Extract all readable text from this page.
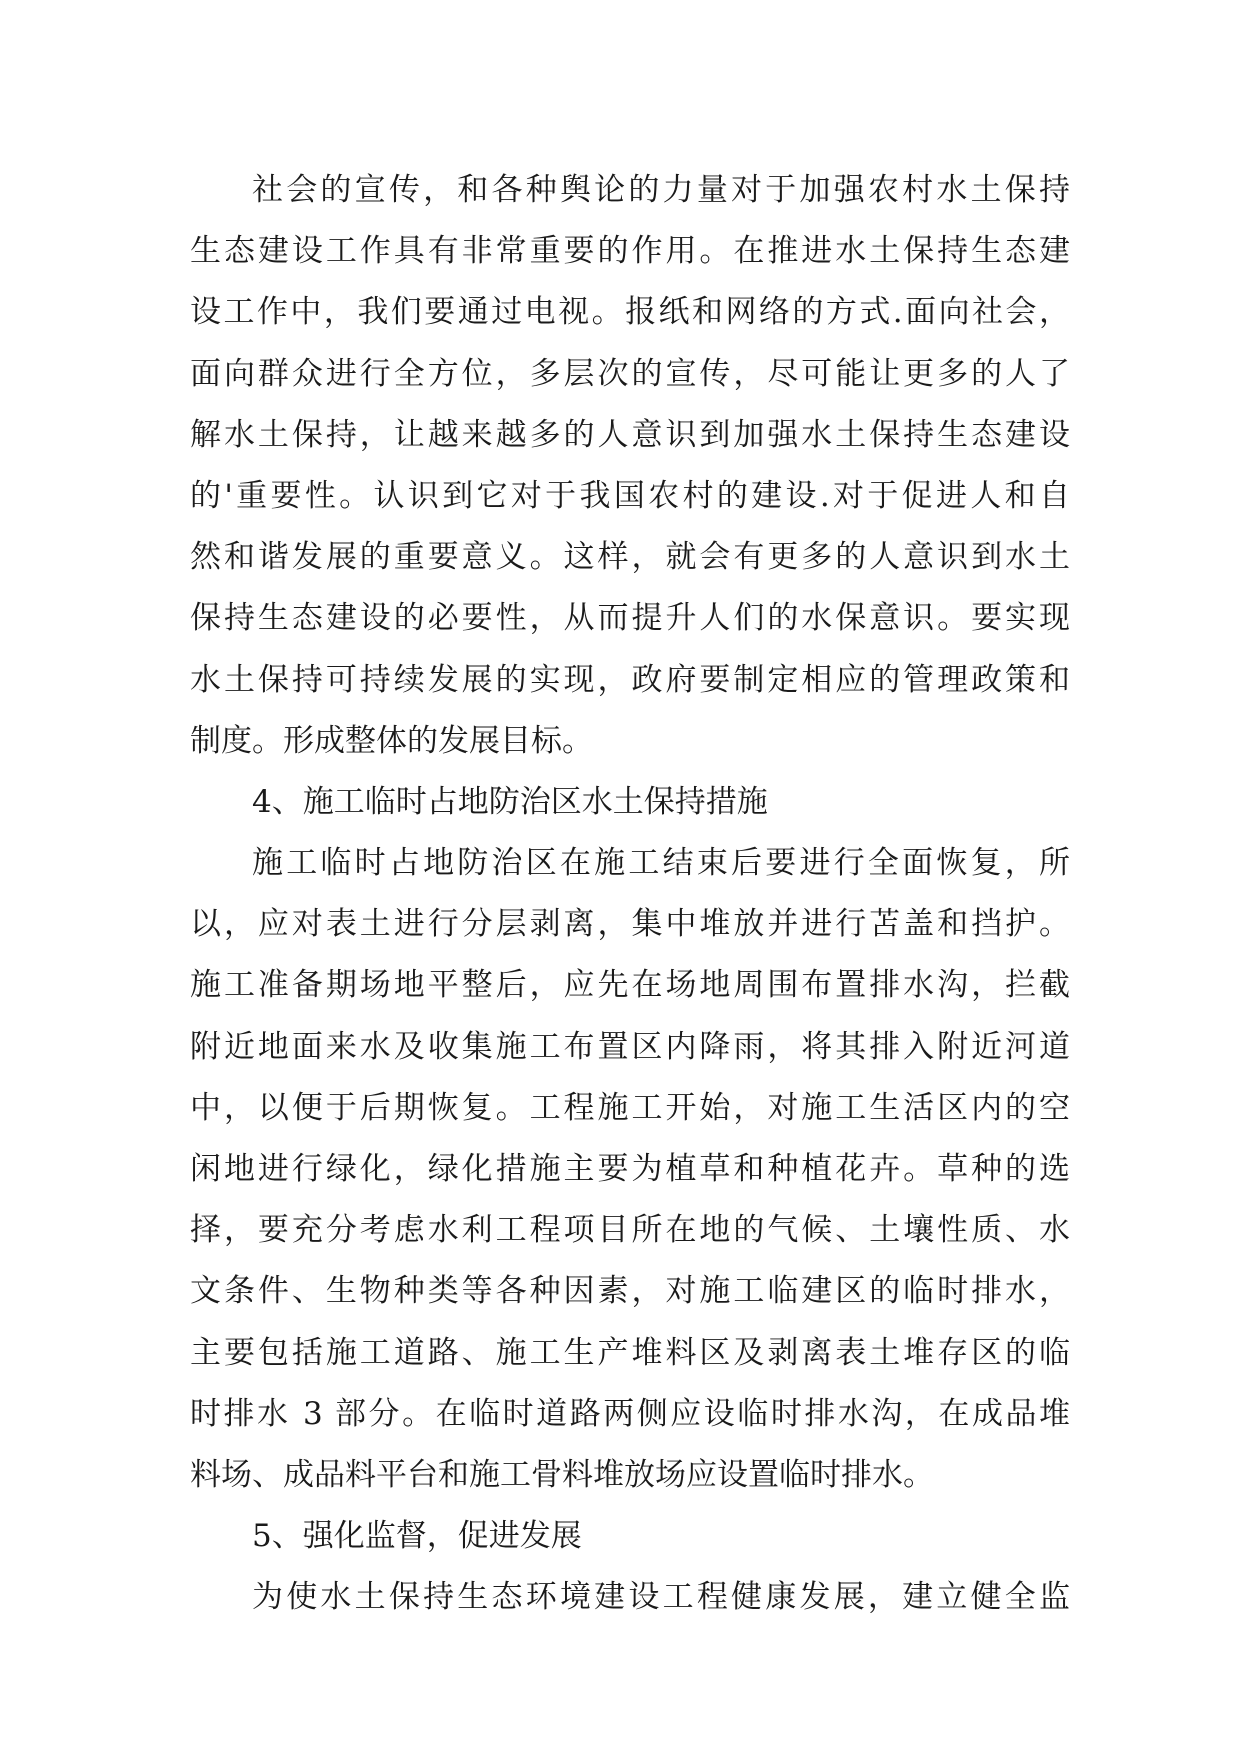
社会的宣传，和各种舆论的力量对于加强农村水土保持
生态建设工作具有非常重要的作用。在推进水土保持生态建
设工作中，我们要通过电视。报纸和网络的方式.面向社会，
面向群众进行全方位，多层次的宣传，尽可能让更多的人了
解水土保持，让越来越多的人意识到加强水土保持生态建设
的'重要性。认识到它对于我国农村的建设.对于促进人和自
然和谐发展的重要意义。这样，就会有更多的人意识到水土
保持生态建设的必要性，从而提升人们的水保意识。要实现
水土保持可持续发展的实现，政府要制定相应的管理政策和
制度。形成整体的发展目标。
4、施工临时占地防治区水土保持措施
施工临时占地防治区在施工结束后要进行全面恢复，所
以，应对表土进行分层剥离，集中堆放并进行苫盖和挡护。
施工准备期场地平整后，应先在场地周围布置排水沟，拦截
附近地面来水及收集施工布置区内降雨，将其排入附近河道
中，以便于后期恢复。工程施工开始，对施工生活区内的空
闲地进行绿化，绿化措施主要为植草和种植花卉。草种的选
择，要充分考虑水利工程项目所在地的气候、土壤性质、水
文条件、生物种类等各种因素，对施工临建区的临时排水，
主要包括施工道路、施工生产堆料区及剥离表土堆存区的临
时排水 3 部分。在临时道路两侧应设临时排水沟，在成品堆
料场、成品料平台和施工骨料堆放场应设置临时排水。
5、强化监督，促进发展
为使水土保持生态环境建设工程健康发展，建立健全监
